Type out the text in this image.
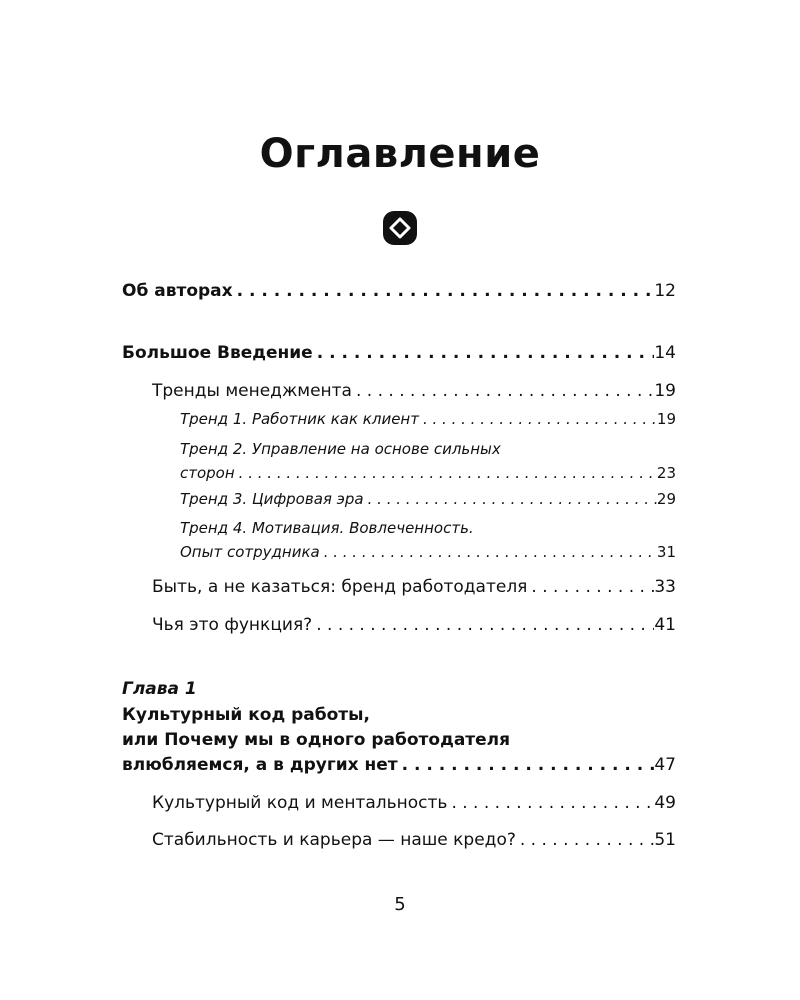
Оглавление
Об авторах . . .	12
Большое Введение . . .	14
Тренды менеджмента . . .	19
Тренд 1. Работник как клиент . . .	19
Тренд 2. Управление на основе сильных
сторон . . .	23
Тренд 3. Цифровая эра . . .	29
Тренд 4. Мотивация. Вовлеченность.
Опыт сотрудника . . .	31
Быть, а не казаться: бренд работодателя . . .	33
Чья это функция? . . .	41
Глава 1
Культурный код работы,
или Почему мы в одного работодателя
влюбляемся, а в других нет . . .	47
Культурный код и ментальность . . .	49
Стабильность и карьера — наше кредо? . . .	51
5
